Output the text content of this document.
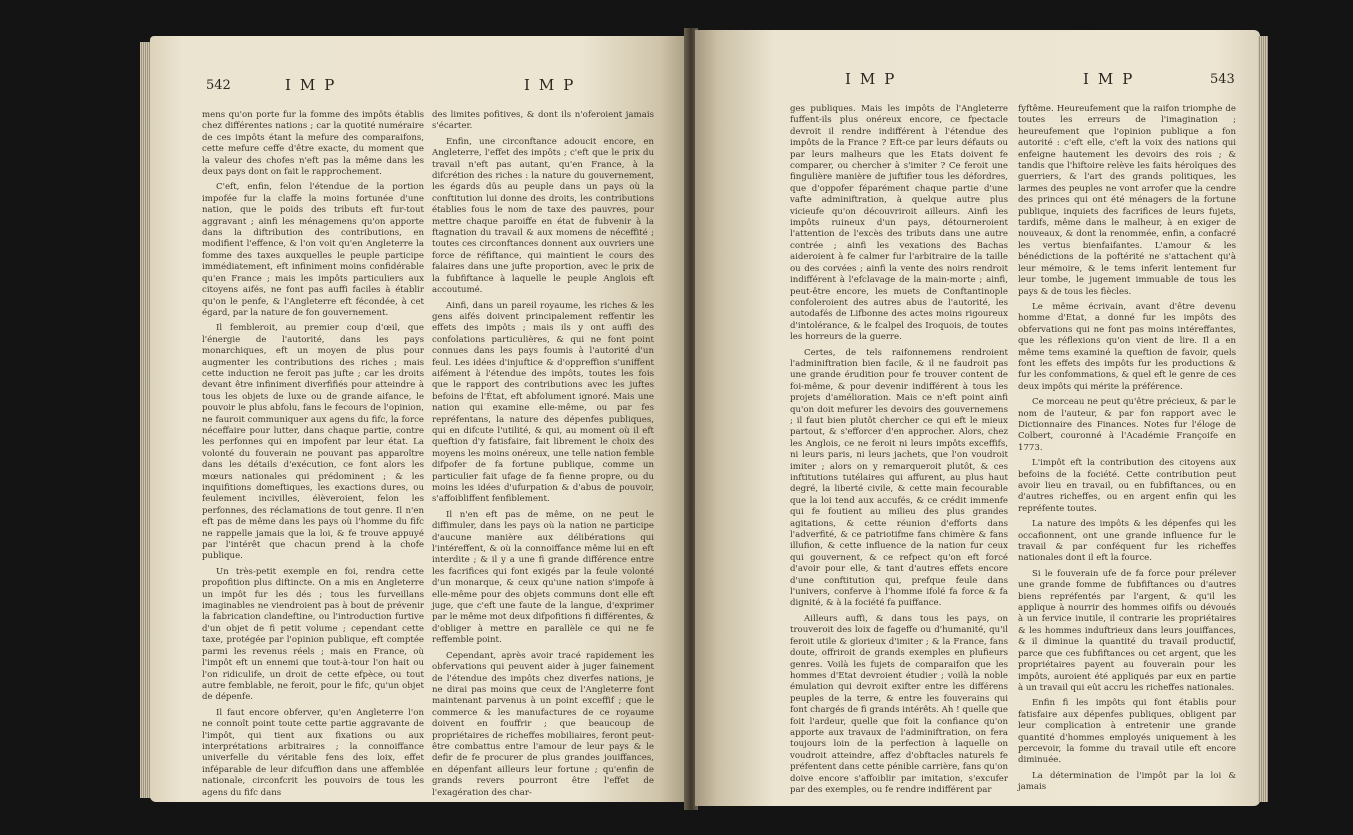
542	IMP	IMP

mens qu'on porte fur la fomme des impôts établis chez différentes nations ; car la quotité numéraire de ces impôts étant la mefure des comparaifons, cette mefure ceffe d'être exacte, du moment que la valeur des chofes n'eft pas la même dans les deux pays dont on fait le rapprochement.

C'eft, enfin, felon l'étendue de la portion impofée fur la claffe la moins fortunée d'une nation, que le poids des tributs eft fur-tout aggravant ; ainfi les ménagemens qu'on apporte dans la diftribution des contributions, en modifient l'effence, & l'on voit qu'en Angleterre la fomme des taxes auxquelles le peuple participe immédiatement, eft infiniment moins confidérable qu'en France ; mais les impôts particuliers aux citoyens aifés, ne font pas auffi faciles à établir qu'on le penfe, & l'Angleterre eft fécondée, à cet égard, par la nature de fon gouvernement.

Il fembleroit, au premier coup d'œil, que l'énergie de l'autorité, dans les pays monarchiques, eft un moyen de plus pour augmenter les contributions des riches ; mais cette induction ne feroit pas jufte ; car les droits devant être infiniment diverfifiés pour atteindre à tous les objets de luxe ou de grande aifance, le pouvoir le plus abfolu, fans le fecours de l'opinion, ne fauroit communiquer aux agens du fifc, la force néceffaire pour lutter, dans chaque partie, contre les perfonnes qui en impofent par leur état. La volonté du fouverain ne pouvant pas apparoître dans les détails d'exécution, ce font alors les mœurs nationales qui prédominent ; & les inquifitions domeftiques, les exactions dures, ou feulement incivilles, élèveroient, felon les perfonnes, des réclamations de tout genre. Il n'en eft pas de même dans les pays où l'homme du fifc ne rappelle jamais que la loi, & fe trouve appuyé par l'intérêt que chacun prend à la chofe publique.

Un très-petit exemple en foi, rendra cette propofition plus diftincte. On a mis en Angleterre un impôt fur les dés ; tous les furveillans imaginables ne viendroient pas à bout de prévenir la fabrication clandeftine, ou l'introduction furtive d'un objet de fi petit volume ; cependant cette taxe, protégée par l'opinion publique, eft comptée parmi les revenus réels ; mais en France, où l'impôt eft un ennemi que tout-à-tour l'on hait ou l'on ridiculife, un droit de cette efpèce, ou tout autre femblable, ne feroit, pour le fifc, qu'un objet de dépenfe.

Il faut encore obferver, qu'en Angleterre l'on ne connoît point toute cette partie aggravante de l'impôt, qui tient aux fixations ou aux interprétations arbitraires ; la connoiffance univerfelle du véritable fens des loix, effet inféparable de leur difcuffion dans une affemblée nationale, circonfcrit les pouvoirs de tous les agens du fifc dans

des limites pofitives, & dont ils n'oferoient jamais s'écarter.

Enfin, une circonftance adoucit encore, en Angleterre, l'effet des impôts ; c'eft que le prix du travail n'eft pas autant, qu'en France, à la difcrétion des riches : la nature du gouvernement, les égards dûs au peuple dans un pays où la conftitution lui donne des droits, les contributions établies fous le nom de taxe des pauvres, pour mettre chaque paroiffe en état de fubvenir à la ftagnation du travail & aux momens de néceffité ; toutes ces circonftances donnent aux ouvriers une force de réfiftance, qui maintient le cours des falaires dans une jufte proportion, avec le prix de la fubfiftance à laquelle le peuple Anglois eft accoutumé.

Ainfi, dans un pareil royaume, les riches & les gens aifés doivent principalement reffentir les effets des impôts ; mais ils y ont auffi des confolations particulières, & qui ne font point connues dans les pays foumis à l'autorité d'un feul. Les idées d'injuftice & d'oppreffion s'uniffent aifément à l'étendue des impôts, toutes les fois que le rapport des contributions avec les juftes befoins de l'État, eft abfolument ignoré. Mais une nation qui examine elle-même, ou par fes repréfentans, la nature des dépenfes publiques, qui en difcute l'utilité, & qui, au moment où il eft queftion d'y fatisfaire, fait librement le choix des moyens les moins onéreux, une telle nation femble difpofer de fa fortune publique, comme un particulier fait ufage de fa fienne propre, ou du moins les idées d'ufurpation & d'abus de pouvoir, s'affoibliffent fenfiblement.

Il n'en eft pas de même, on ne peut le diffimuler, dans les pays où la nation ne participe d'aucune manière aux délibérations qui l'intéreffent, & où la connoiffance même lui en eft interdite ; & il y a une fi grande différence entre les facrifices qui font exigés par la feule volonté d'un monarque, & ceux qu'une nation s'impofe à elle-même pour des objets communs dont elle eft juge, que c'eft une faute de la langue, d'exprimer par le même mot deux difpofitions fi différentes, & d'obliger à mettre en parallèle ce qui ne fe reffemble point.

Cependant, après avoir tracé rapidement les obfervations qui peuvent aider à juger fainement de l'étendue des impôts chez diverfes nations, je ne dirai pas moins que ceux de l'Angleterre font maintenant parvenus à un point exceffif ; que le commerce & les manufactures de ce royaume doivent en fouffrir ; que beaucoup de propriétaires de richeffes mobiliaires, feront peut-être combattus entre l'amour de leur pays & le defir de fe procurer de plus grandes jouiffances, en dépenfant ailleurs leur fortune ; qu'enfin de grands revers pourront être l'effet de l'exagération des char-

IMP	IMP	543

ges publiques. Mais les impôts de l'Angleterre fuffent-ils plus onéreux encore, ce fpectacle devroit il rendre indifférent à l'étendue des impôts de la France ? Eft-ce par leurs défauts ou par leurs malheurs que les Etats doivent fe comparer, ou chercher à s'imiter ? Ce feroit une fingulière manière de juftifier tous les défordres, que d'oppofer féparément chaque partie d'une vafte adminiftration, à quelque autre plus vicieufe qu'on découvriroit ailleurs. Ainfi les impôts ruineux d'un pays, détourneroient l'attention de l'excès des tributs dans une autre contrée ; ainfi les vexations des Bachas aideroient à fe calmer fur l'arbitraire de la taille ou des corvées ; ainfi la vente des noirs rendroit indifférent à l'efclavage de la main-morte ; ainfi, peut-être encore, les muets de Conftantinople confoleroient des autres abus de l'autorité, les autodafés de Lifbonne des actes moins rigoureux d'intolérance, & le fcalpel des Iroquois, de toutes les horreurs de la guerre.

Certes, de tels raifonnemens rendroient l'adminiftration bien facile, & il ne faudroit pas une grande érudition pour fe trouver content de foi-même, & pour devenir indifférent à tous les projets d'amélioration. Mais ce n'eft point ainfi qu'on doit mefurer les devoirs des gouvernemens ; il faut bien plutôt chercher ce qui eft le mieux partout, & s'efforcer d'en approcher. Alors, chez les Anglois, ce ne feroit ni leurs impôts exceffifs, ni leurs paris, ni leurs jachets, que l'on voudroit imiter ; alors on y remarqueroit plutôt, & ces inftitutions tutélaires qui affurent, au plus haut degré, la liberté civile, & cette main fecourable que la loi tend aux accufés, & ce crédit immenfe qui fe foutient au milieu des plus grandes agitations, & cette réunion d'efforts dans l'adverfité, & ce patriotifme fans chimère & fans illufion, & cette influence de la nation fur ceux qui gouvernent, & ce refpect qu'on eft forcé d'avoir pour elle, & tant d'autres effets encore d'une conftitution qui, prefque feule dans l'univers, conferve à l'homme ifolé fa force & fa dignité, & à la fociété fa puiffance.

Ailleurs auffi, & dans tous les pays, on trouveroit des loix de fageffe ou d'humanité, qu'il feroit utile & glorieux d'imiter ; & la France, fans doute, offriroit de grands exemples en plufieurs genres. Voilà les fujets de comparaifon que les hommes d'Etat devroient étudier ; voilà la noble émulation qui devroit exifter entre les différens peuples de la terre, & entre les fouverains qui font chargés de fi grands intérêts. Ah ! quelle que foit l'ardeur, quelle que foit la confiance qu'on apporte aux travaux de l'adminiftration, on fera toujours loin de la perfection à laquelle on voudroit atteindre, affez d'obftacles naturels fe préfentent dans cette pénible carrière, fans qu'on doive encore s'affoiblir par imitation, s'excufer par des exemples, ou fe rendre indifférent par

fyftême. Heureufement que la raifon triomphe de toutes les erreurs de l'imagination ; heureufement que l'opinion publique a fon autorité : c'eft elle, c'eft la voix des nations qui enfeigne hautement les devoirs des rois ; & tandis que l'hiftoire relève les faits héroïques des guerriers, & l'art des grands politiques, les larmes des peuples ne vont arrofer que la cendre des princes qui ont été ménagers de la fortune publique, inquiets des facrifices de leurs fujets, tardifs, même dans le malheur, à en exiger de nouveaux, & dont la renommée, enfin, a confacré les vertus bienfaifantes. L'amour & les bénédictions de la poftérité ne s'attachent qu'à leur mémoire, & le tems inferit lentement fur leur tombe, le jugement immuable de tous les pays & de tous les fiècles.

Le même écrivain, avant d'être devenu homme d'Etat, a donné fur les impôts des obfervations qui ne font pas moins intéreffantes, que les réflexions qu'on vient de lire. Il a en même tems examiné la queftion de favoir, quels font les effets des impôts fur les productions & fur les confommations, & quel eft le genre de ces deux impôts qui mérite la préférence.

Ce morceau ne peut qu'être précieux, & par le nom de l'auteur, & par fon rapport avec le Dictionnaire des Finances. Notes fur l'éloge de Colbert, couronné à l'Académie Françoife en 1773.

L'impôt eft la contribution des citoyens aux befoins de la fociété. Cette contribution peut avoir lieu en travail, ou en fubfiftances, ou en d'autres richeffes, ou en argent enfin qui les repréfente toutes.

La nature des impôts & les dépenfes qui les occafionnent, ont une grande influence fur le travail & par conféquent fur les richeffes nationales dont il eft la fource.

Si le fouverain ufe de fa force pour prélever une grande fomme de fubfiftances ou d'autres biens repréfentés par l'argent, & qu'il les applique à nourrir des hommes oififs ou dévoués à un fervice inutile, il contrarie les propriétaires & les hommes induftrieux dans leurs jouiffances, & il diminue la quantité du travail productif, parce que ces fubfiftances ou cet argent, que les propriétaires payent au fouverain pour les impôts, auroient été appliqués par eux en partie à un travail qui eût accru les richeffes nationales.

Enfin fi les impôts qui font établis pour fatisfaire aux dépenfes publiques, obligent par leur complication à entretenir une grande quantité d'hommes employés uniquement à les percevoir, la fomme du travail utile eft encore diminuée.

La détermination de l'impôt par la loi & jamais
